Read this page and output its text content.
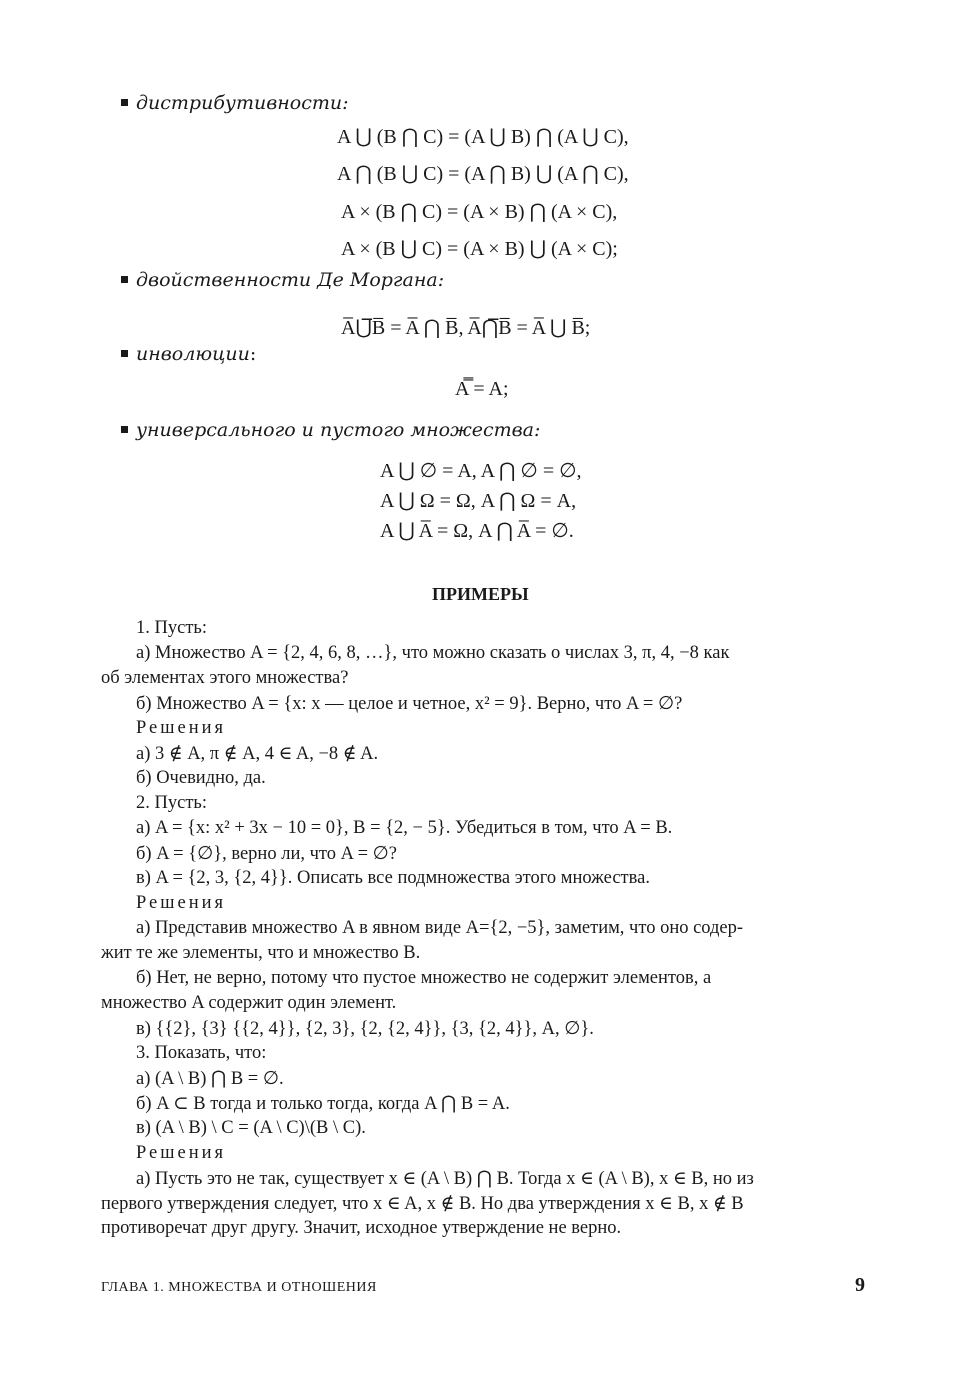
дистрибутивности:
A ⋃ (B ⋂ C) = (A ⋃ B) ⋂ (A ⋃ C),
A ⋂ (B ⋃ C) = (A ⋂ B) ⋃ (A ⋂ C),
A × (B ⋂ C) = (A × B) ⋂ (A × C),
A × (B ⋃ C) = (A × B) ⋃ (A × C);
двойственности Де Моргана:
A̅⋃̅B̅ = A̅ ⋂ B̅, A̅⋂̅B̅ = A̅ ⋃ B̅;
инволюции:
A̿ = A;
универсального и пустого множества:
A ⋃ ∅ = A, A ⋂ ∅ = ∅,
A ⋃ Ω = Ω, A ⋂ Ω = A,
A ⋃ A̅ = Ω, A ⋂ A̅ = ∅.
ПРИМЕРЫ
1. Пусть:
а) Множество A = {2, 4, 6, 8, …}, что можно сказать о числах 3, π, 4, −8 как
об элементах этого множества?
б) Множество A = {x: x — целое и четное, x² = 9}. Верно, что A = ∅?
Решения
а) 3 ∉ A, π ∉ A, 4 ∈ A, −8 ∉ A.
б) Очевидно, да.
2. Пусть:
а) A = {x: x² + 3x − 10 = 0}, B = {2, − 5}. Убедиться в том, что A = B.
б) A = {∅}, верно ли, что A = ∅?
в) A = {2, 3, {2, 4}}. Описать все подмножества этого множества.
Решения
а) Представив множество A в явном виде A={2, −5}, заметим, что оно содер-
жит те же элементы, что и множество B.
б) Нет, не верно, потому что пустое множество не содержит элементов, а
множество A содержит один элемент.
в) {{2}, {3} {{2, 4}}, {2, 3}, {2, {2, 4}}, {3, {2, 4}}, A, ∅}.
3. Показать, что:
а) (A \ B) ⋂ B = ∅.
б) A ⊂ B тогда и только тогда, когда A ⋂ B = A.
в) (A \ B) \ C = (A \ C)\(B \ C).
Решения
а) Пусть это не так, существует x ∈ (A \ B) ⋂ B. Тогда x ∈ (A \ B), x ∈ B, но из
первого утверждения следует, что x ∈ A, x ∉ B. Но два утверждения x ∈ B, x ∉ B
противоречат друг другу. Значит, исходное утверждение не верно.
ГЛАВА 1. МНОЖЕСТВА И ОТНОШЕНИЯ	9
